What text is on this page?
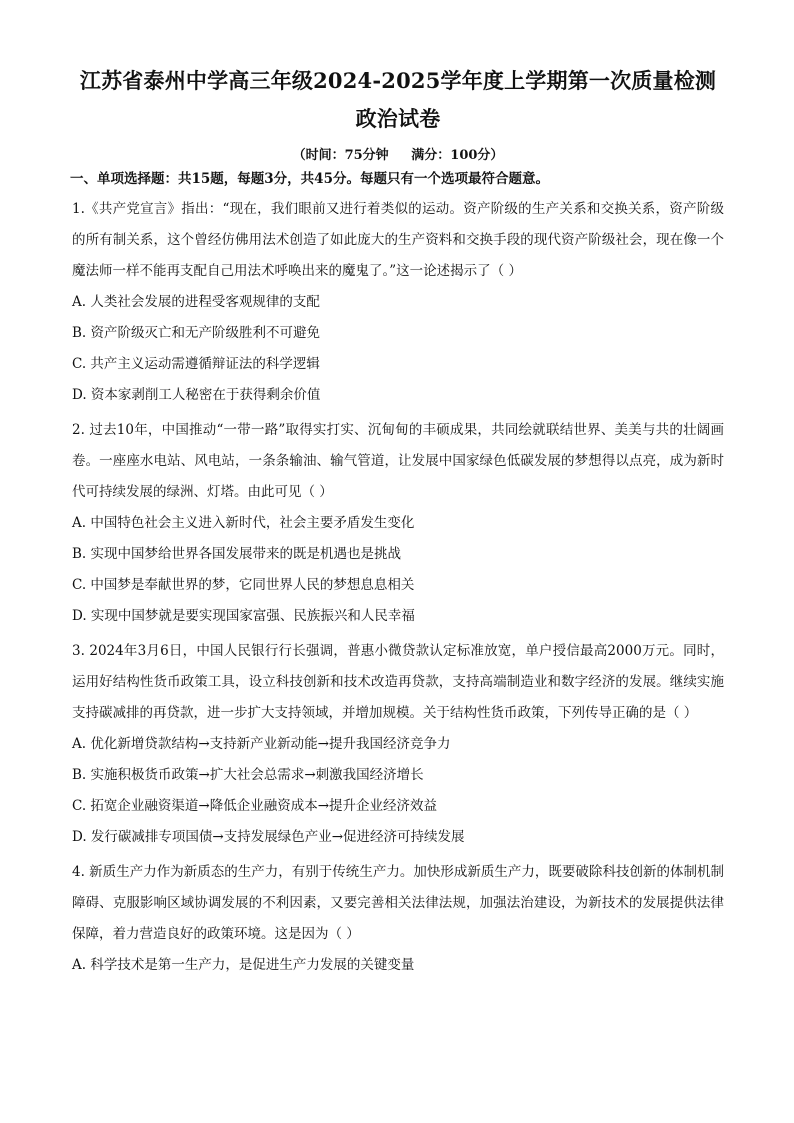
江苏省泰州中学高三年级2024-2025学年度上学期第一次质量检测政治试卷
（时间：75分钟     满分：100分）
一、单项选择题：共15题，每题3分，共45分。每题只有一个选项最符合题意。

1.《共产党宣言》指出：“现在，我们眼前又进行着类似的运动。资产阶级的生产关系和交换关系，资产阶级的所有制关系，这个曾经仿佛用法术创造了如此庞大的生产资料和交换手段的现代资产阶级社会，现在像一个魔法师一样不能再支配自己用法术呼唤出来的魔鬼了。”这一论述揭示了（ ）

A. 人类社会发展的进程受客观规律的支配

B. 资产阶级灭亡和无产阶级胜利不可避免

C. 共产主义运动需遵循辩证法的科学逻辑

D. 资本家剥削工人秘密在于获得剩余价值

2. 过去10年，中国推动“一带一路”取得实打实、沉甸甸的丰硕成果，共同绘就联结世界、美美与共的壮阔画卷。一座座水电站、风电站，一条条输油、输气管道，让发展中国家绿色低碳发展的梦想得以点亮，成为新时代可持续发展的绿洲、灯塔。由此可见（ ）

A. 中国特色社会主义进入新时代，社会主要矛盾发生变化

B. 实现中国梦给世界各国发展带来的既是机遇也是挑战

C. 中国梦是奉献世界的梦，它同世界人民的梦想息息相关

D. 实现中国梦就是要实现国家富强、民族振兴和人民幸福

3. 2024年3月6日，中国人民银行行长强调，普惠小微贷款认定标准放宽，单户授信最高2000万元。同时，运用好结构性货币政策工具，设立科技创新和技术改造再贷款，支持高端制造业和数字经济的发展。继续实施支持碳减排的再贷款，进一步扩大支持领域，并增加规模。关于结构性货币政策，下列传导正确的是（ ）

A. 优化新增贷款结构→支持新产业新动能→提升我国经济竞争力

B. 实施积极货币政策→扩大社会总需求→刺激我国经济增长

C. 拓宽企业融资渠道→降低企业融资成本→提升企业经济效益

D. 发行碳减排专项国债→支持发展绿色产业→促进经济可持续发展

4. 新质生产力作为新质态的生产力，有别于传统生产力。加快形成新质生产力，既要破除科技创新的体制机制障碍、克服影响区域协调发展的不利因素，又要完善相关法律法规，加强法治建设，为新技术的发展提供法律保障，着力营造良好的政策环境。这是因为（ ）

A. 科学技术是第一生产力，是促进生产力发展的关键变量
